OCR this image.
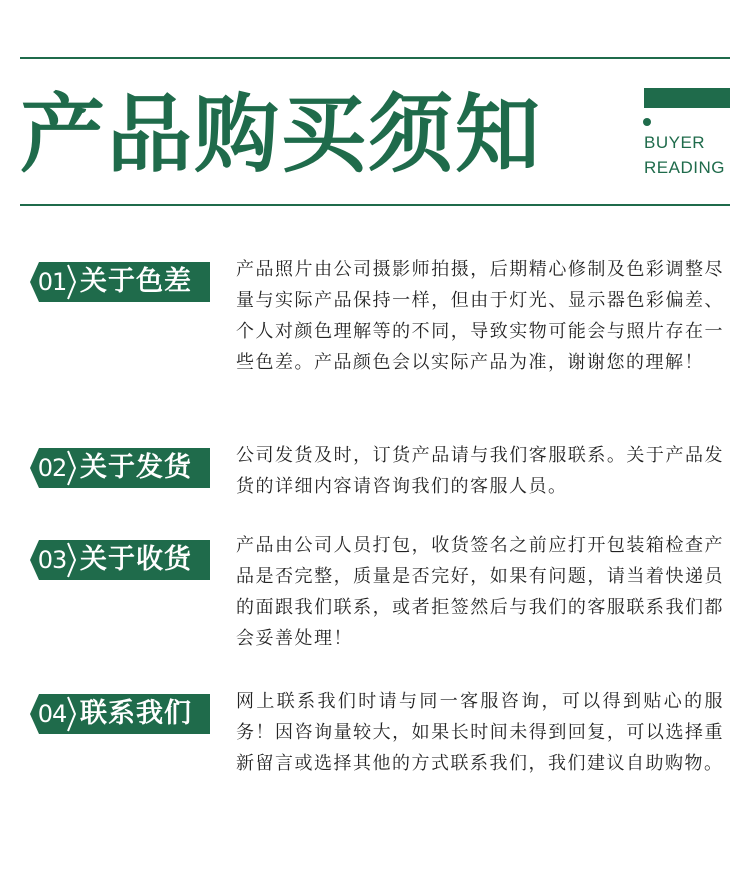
产品购买须知	BUYER
READING
01 关于色差	产品照片由公司摄影师拍摄，后期精心修制及色彩调整尽量与实际产品保持一样，但由于灯光、显示器色彩偏差、个人对颜色理解等的不同，导致实物可能会与照片存在一些色差。产品颜色会以实际产品为准，谢谢您的理解！

02 关于发货	公司发货及时，订货产品请与我们客服联系。关于产品发货的详细内容请咨询我们的客服人员。

03 关于收货	产品由公司人员打包，收货签名之前应打开包装箱检查产品是否完整，质量是否完好，如果有问题，请当着快递员的面跟我们联系，或者拒签然后与我们的客服联系我们都会妥善处理！

04 联系我们	网上联系我们时请与同一客服咨询，可以得到贴心的服务！因咨询量较大，如果长时间未得到回复，可以选择重新留言或选择其他的方式联系我们，我们建议自助购物。
